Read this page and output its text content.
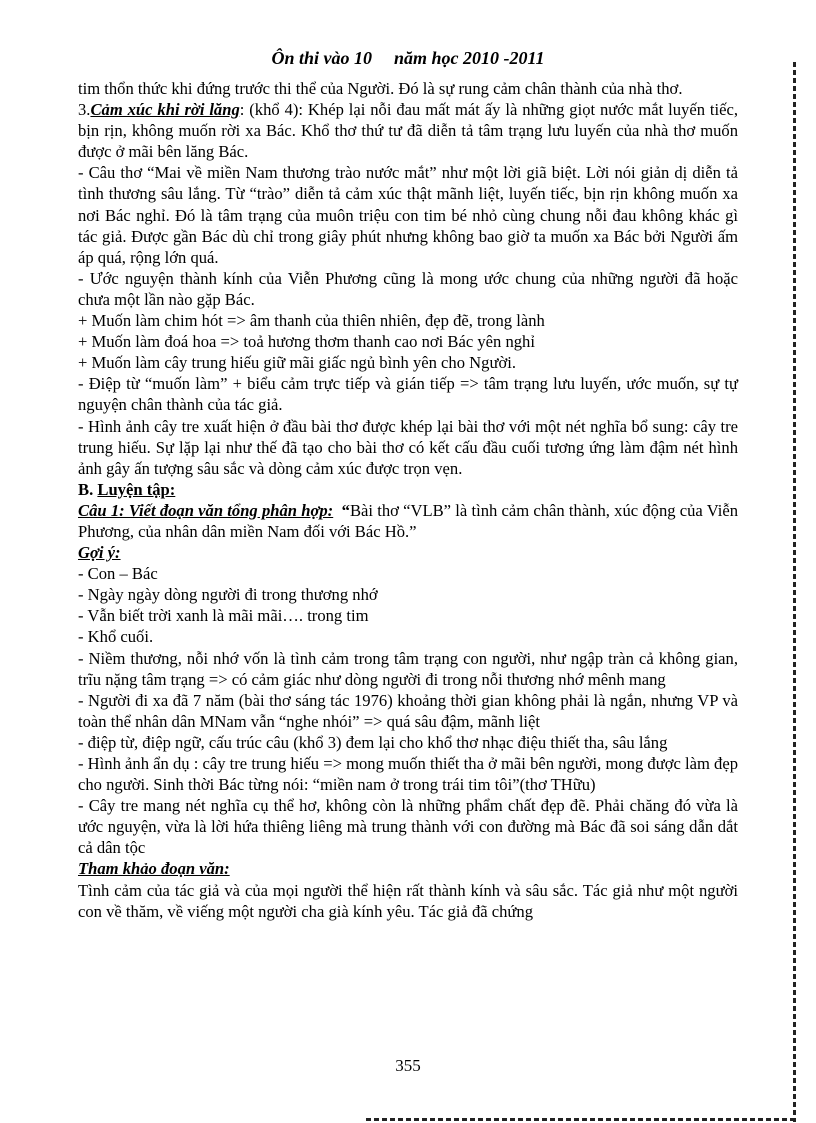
Ôn thi vào 10 năm học 2010 -2011

tim thổn thức khi đứng trước thi thể của Người. Đó là sự rung cảm chân thành của nhà thơ.

3.Cảm xúc khi rời lăng: (khổ 4): Khép lại nỗi đau mất mát ấy là những giọt nước mắt luyến tiếc, bịn rịn, không muốn rời xa Bác. Khổ thơ thứ tư đã diễn tả tâm trạng lưu luyến của nhà thơ muốn được ở mãi bên lăng Bác.

- Câu thơ “Mai về miền Nam thương trào nước mắt” như một lời giã biệt. Lời nói giản dị diễn tả tình thương sâu lắng. Từ “trào” diễn tả cảm xúc thật mãnh liệt, luyến tiếc, bịn rịn không muốn xa nơi Bác nghỉ. Đó là tâm trạng của muôn triệu con tim bé nhỏ cùng chung nỗi đau không khác gì tác giả. Được gần Bác dù chỉ trong giây phút nhưng không bao giờ ta muốn xa Bác bởi Người ấm áp quá, rộng lớn quá.

- Ước nguyện thành kính của Viễn Phương cũng là mong ước chung của những người đã hoặc chưa một lần nào gặp Bác.

+ Muốn làm chim hót => âm thanh của thiên nhiên, đẹp đẽ, trong lành

+ Muốn làm đoá hoa => toả hương thơm thanh cao nơi Bác yên nghỉ

+ Muốn làm cây trung hiếu giữ mãi giấc ngủ bình yên cho Người.

- Điệp từ “muốn làm” + biểu cảm trực tiếp và gián tiếp => tâm trạng lưu luyến, ước muốn, sự tự nguyện chân thành của tác giả.

- Hình ảnh cây tre xuất hiện ở đầu bài thơ được khép lại bài thơ với một nét nghĩa bổ sung: cây tre trung hiếu. Sự lặp lại như thế đã tạo cho bài thơ có kết cấu đầu cuối tương ứng làm đậm nét hình ảnh gây ấn tượng sâu sắc và dòng cảm xúc được trọn vẹn.

B. Luyện tập:

Câu 1: Viết đoạn văn tổng phân hợp: “Bài thơ “VLB” là tình cảm chân thành, xúc động của Viễn Phương, của nhân dân miền Nam đối với Bác Hồ.”

Gợi ý:

- Con – Bác

- Ngày ngày dòng người đi trong thương nhớ

- Vẫn biết trời xanh là mãi mãi…. trong tim

- Khổ cuối.

- Niềm thương, nỗi nhớ vốn là tình cảm trong tâm trạng con người, như ngập tràn cả không gian, trĩu nặng tâm trạng => có cảm giác như dòng người đi trong nỗi thương nhớ mênh mang

- Người đi xa đã 7 năm (bài thơ sáng tác 1976) khoảng thời gian không phải là ngắn, nhưng VP và toàn thể nhân dân MNam vẫn “nghe nhói” => quá sâu đậm, mãnh liệt

- điệp từ, điệp ngữ, cấu trúc câu (khổ 3) đem lại cho khổ thơ nhạc điệu thiết tha, sâu lắng

- Hình ảnh ẩn dụ : cây tre trung hiếu => mong muốn thiết tha ở mãi bên người, mong được làm đẹp cho người. Sinh thời Bác từng nói: “miền nam ở trong trái tim tôi”(thơ THữu)

- Cây tre mang nét nghĩa cụ thể hơ, không còn là những phẩm chất đẹp đẽ. Phải chăng đó vừa là ước nguyện, vừa là lời hứa thiêng liêng mà trung thành với con đường mà Bác đã soi sáng dẫn dắt cả dân tộc

Tham khảo đoạn văn:

Tình cảm của tác giả và của mọi người thể hiện rất thành kính và sâu sắc. Tác giả như một người con về thăm, về viếng một người cha già kính yêu. Tác giả đã chứng

355
